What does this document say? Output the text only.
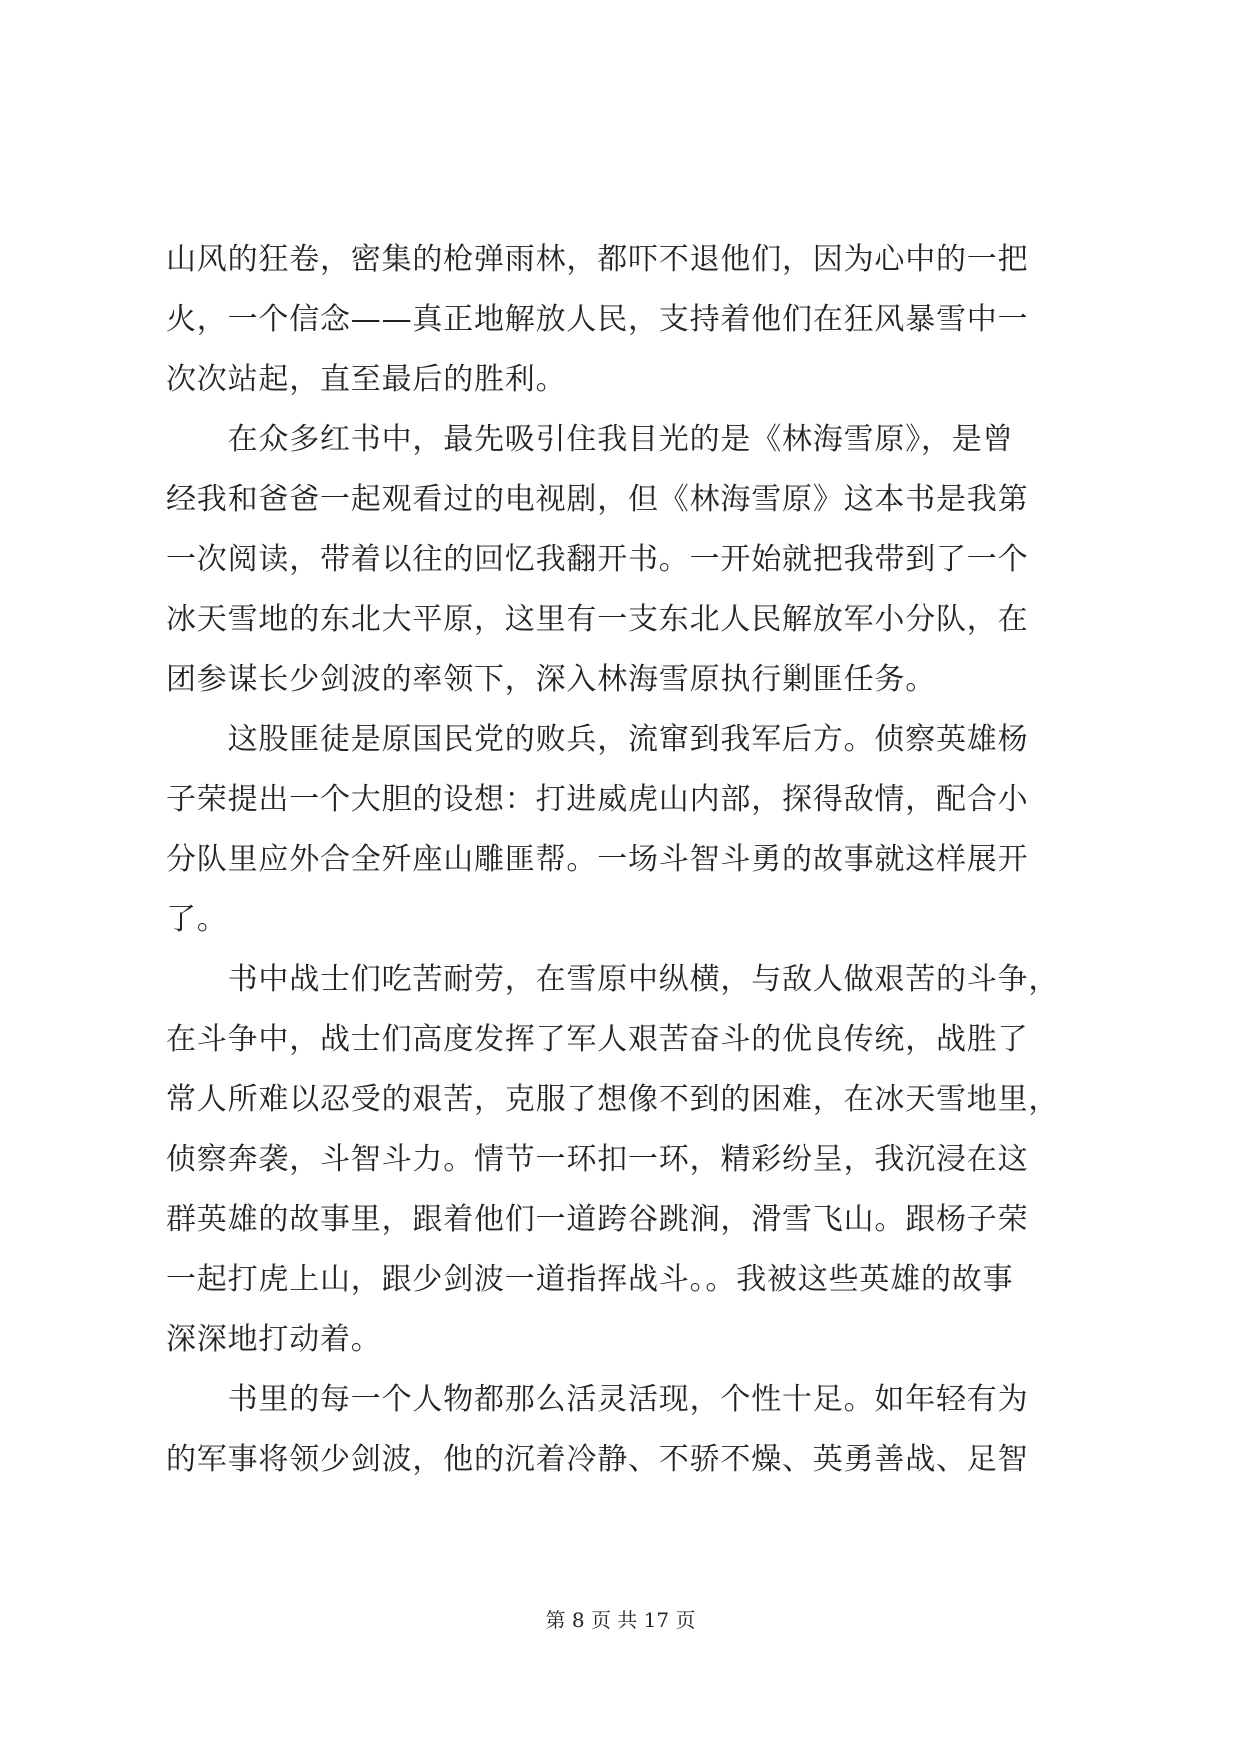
山风的狂卷，密集的枪弹雨林，都吓不退他们，因为心中的一把
火，一个信念——真正地解放人民，支持着他们在狂风暴雪中一
次次站起，直至最后的胜利。
　　在众多红书中，最先吸引住我目光的是《林海雪原》，是曾
经我和爸爸一起观看过的电视剧，但《林海雪原》这本书是我第
一次阅读，带着以往的回忆我翻开书。一开始就把我带到了一个
冰天雪地的东北大平原，这里有一支东北人民解放军小分队，在
团参谋长少剑波的率领下，深入林海雪原执行剿匪任务。
　　这股匪徒是原国民党的败兵，流窜到我军后方。侦察英雄杨
子荣提出一个大胆的设想：打进威虎山内部，探得敌情，配合小
分队里应外合全歼座山雕匪帮。一场斗智斗勇的故事就这样展开
了。
　　书中战士们吃苦耐劳，在雪原中纵横，与敌人做艰苦的斗争，
在斗争中，战士们高度发挥了军人艰苦奋斗的优良传统，战胜了
常人所难以忍受的艰苦，克服了想像不到的困难，在冰天雪地里，
侦察奔袭，斗智斗力。情节一环扣一环，精彩纷呈，我沉浸在这
群英雄的故事里，跟着他们一道跨谷跳涧，滑雪飞山。跟杨子荣
一起打虎上山，跟少剑波一道指挥战斗。。我被这些英雄的故事
深深地打动着。
　　书里的每一个人物都那么活灵活现，个性十足。如年轻有为
的军事将领少剑波，他的沉着冷静、不骄不燥、英勇善战、足智
第 8 页 共 17 页
